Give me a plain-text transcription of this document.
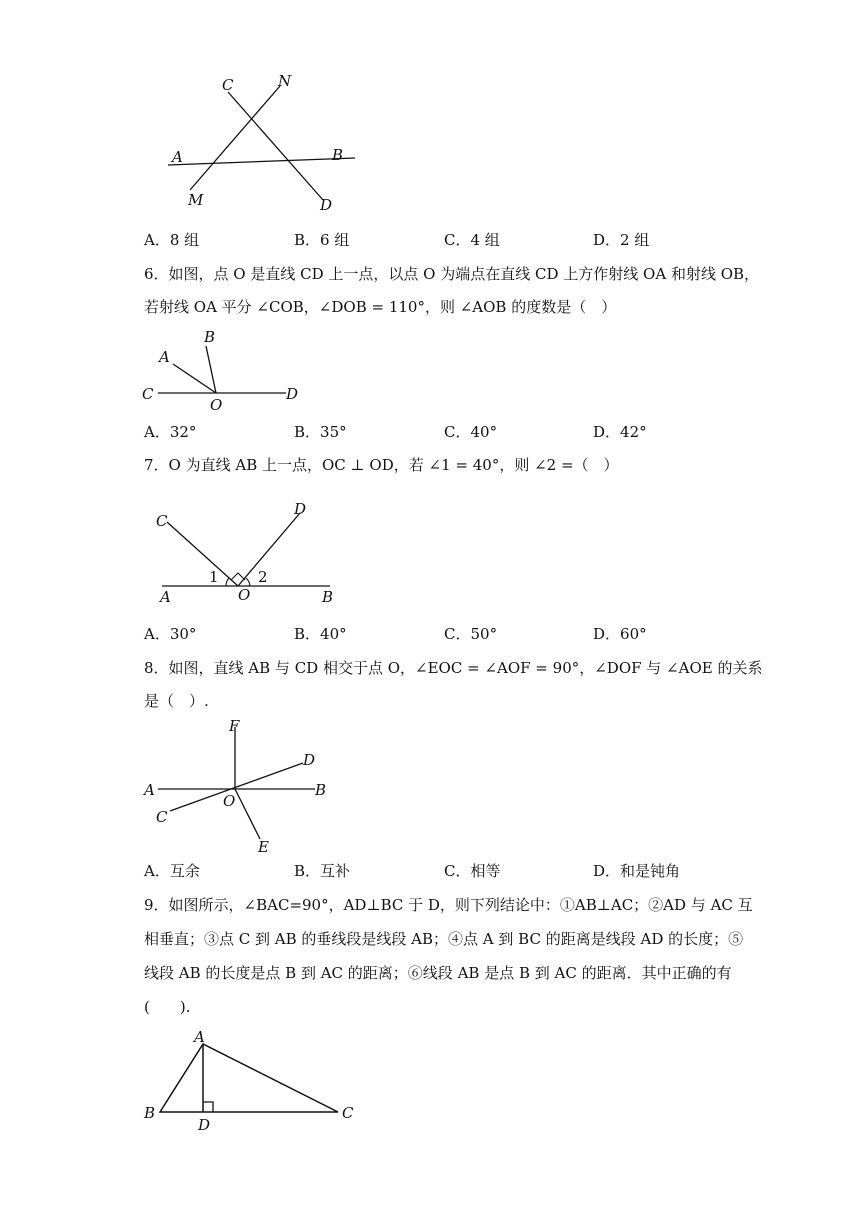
C	N
A	B
M	D
A．8 组	B．6 组	C．4 组	D．2 组
6．如图，点 O 是直线 CD 上一点，以点 O 为端点在直线 CD 上方作射线 OA 和射线 OB，
若射线 OA 平分 ∠COB，∠DOB = 110°，则 ∠AOB 的度数是（　）
B
A
C
O
D
A．32°	B．35°	C．40°	D．42°
7．O 为直线 AB 上一点，OC ⊥ OD，若 ∠1 = 40°，则 ∠2 =（　）
C
D
1	2
A	O	B
A．30°	B．40°	C．50°	D．60°
8．如图，直线 AB 与 CD 相交于点 O，∠EOC = ∠AOF = 90°，∠DOF 与 ∠AOE 的关系
是（　）.
F
D
A
O
B
C
E
A．互余	B．互补	C．相等	D．和是钝角
9．如图所示，∠BAC=90°，AD⊥BC 于 D，则下列结论中：①AB⊥AC；②AD 与 AC 互
相垂直；③点 C 到 AB 的垂线段是线段 AB；④点 A 到 BC 的距离是线段 AD 的长度；⑤
线段 AB 的长度是点 B 到 AC 的距离；⑥线段 AB 是点 B 到 AC 的距离．其中正确的有
(　　).
A
B
D
C
